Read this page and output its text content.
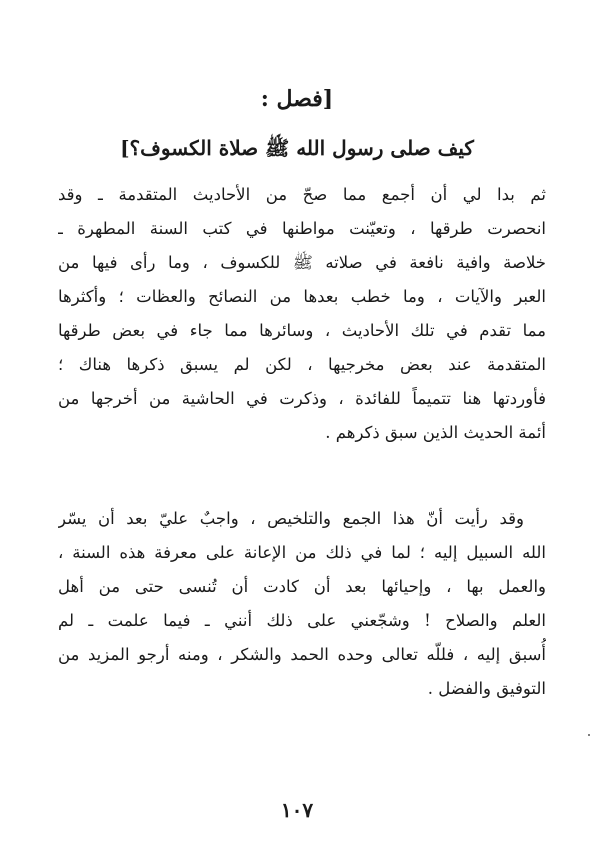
[فصل :
كيف صلى رسول الله ﷺ صلاة الكسوف؟]
ثم بدا لي أن أجمع مما صحّ من الأحاديث المتقدمة ـ وقد
انحصرت طرقها ، وتعيّنت مواطنها في كتب السنة المطهرة ـ
خلاصة وافية نافعة في صلاته ﷺ للكسوف ، وما رأى فيها من
العبر والآيات ، وما خطب بعدها من النصائح والعظات ؛ وأكثرها
مما تقدم في تلك الأحاديث ، وسائرها مما جاء في بعض طرقها
المتقدمة عند بعض مخرجيها ، لكن لم يسبق ذكرها هناك ؛
فأوردتها هنا تتميماً للفائدة ، وذكرت في الحاشية من أخرجها من
أئمة الحديث الذين سبق ذكرهم .
وقد رأيت أنّ هذا الجمع والتلخيص ، واجبٌ عليّ بعد أن يسّر
الله السبيل إليه ؛ لما في ذلك من الإعانة على معرفة هذه السنة ،
والعمل بها ، وإحيائها بعد أن كادت أن تُنسى حتى من أهل
العلم والصلاح ! وشجّعني على ذلك أنني ـ فيما علمت ـ لم
أُسبق إليه ، فللّه تعالى وحده الحمد والشكر ، ومنه أرجو المزيد من
التوفيق والفضل .
١٠٧
